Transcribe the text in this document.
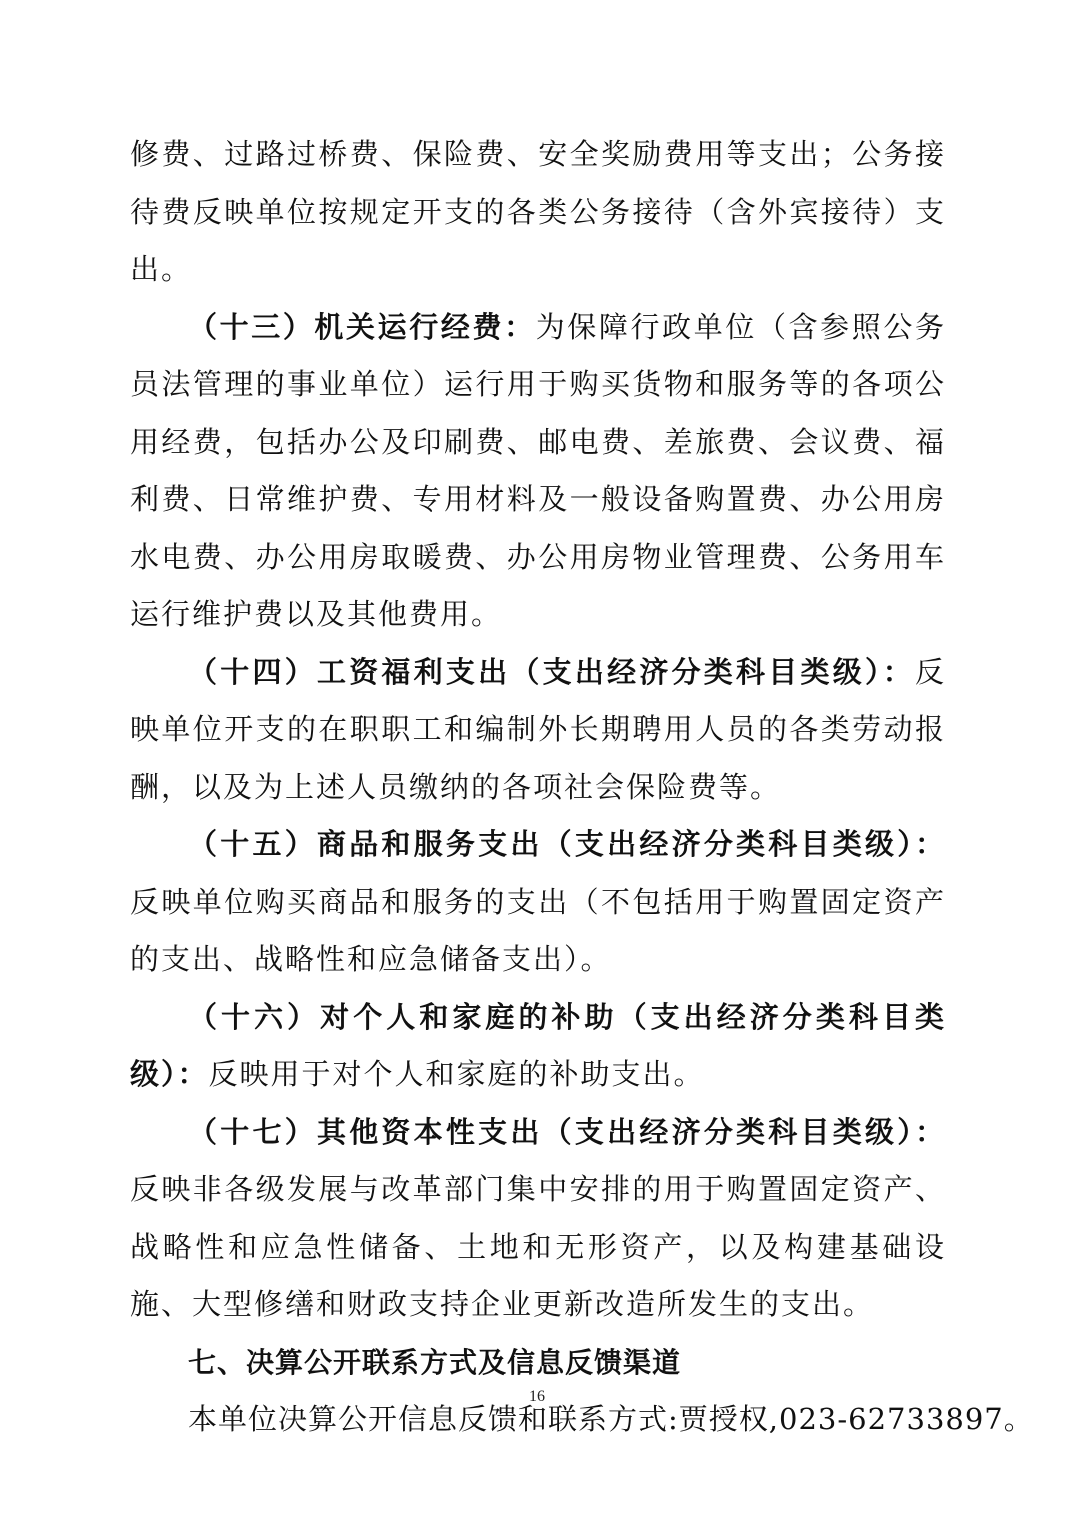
修费、过路过桥费、保险费、安全奖励费用等支出；公务接待费反映单位按规定开支的各类公务接待（含外宾接待）支出。

（十三）机关运行经费：为保障行政单位（含参照公务员法管理的事业单位）运行用于购买货物和服务等的各项公用经费，包括办公及印刷费、邮电费、差旅费、会议费、福利费、日常维护费、专用材料及一般设备购置费、办公用房水电费、办公用房取暖费、办公用房物业管理费、公务用车运行维护费以及其他费用。

（十四）工资福利支出（支出经济分类科目类级）：反映单位开支的在职职工和编制外长期聘用人员的各类劳动报酬，以及为上述人员缴纳的各项社会保险费等。

（十五）商品和服务支出（支出经济分类科目类级）：反映单位购买商品和服务的支出（不包括用于购置固定资产的支出、战略性和应急储备支出）。

（十六）对个人和家庭的补助（支出经济分类科目类级）：反映用于对个人和家庭的补助支出。

（十七）其他资本性支出（支出经济分类科目类级）：反映非各级发展与改革部门集中安排的用于购置固定资产、战略性和应急性储备、土地和无形资产，以及构建基础设施、大型修缮和财政支持企业更新改造所发生的支出。

七、决算公开联系方式及信息反馈渠道

本单位决算公开信息反馈和联系方式:贾授权,023-62733897。

16
